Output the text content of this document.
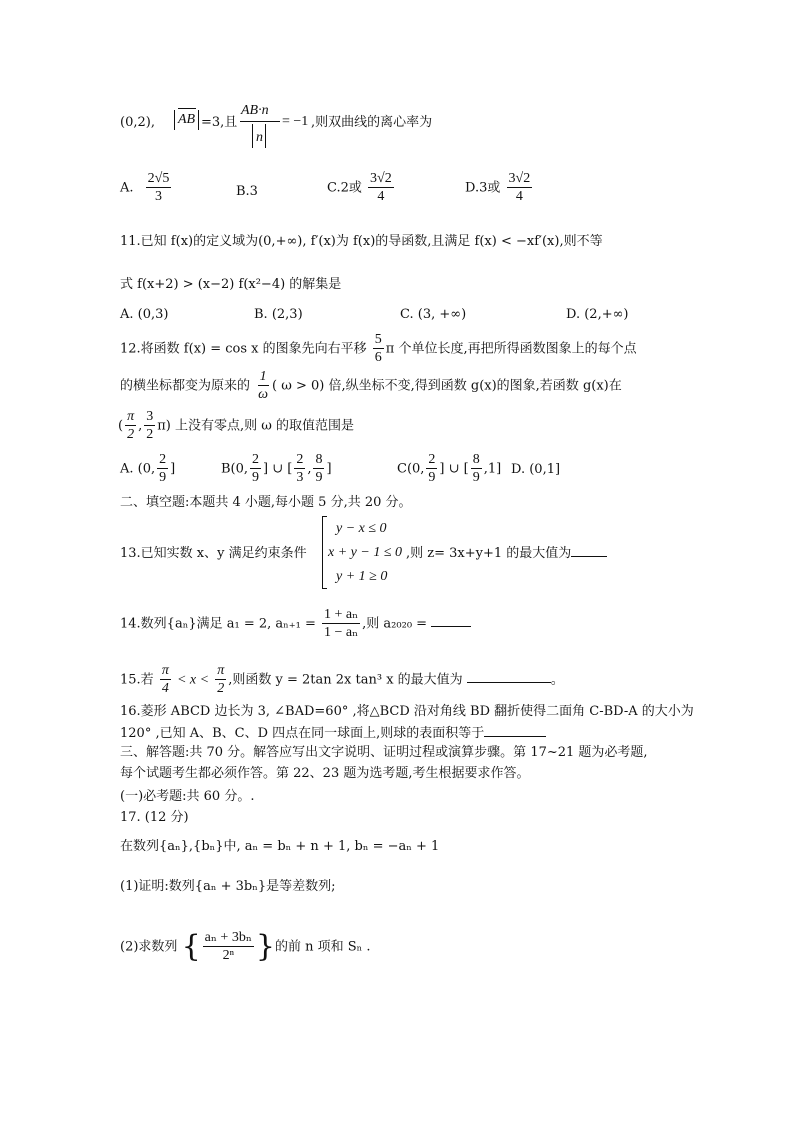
(0,2), AB =3,且
AB·n
n
= −1 ,则双曲线的离心率为
A. $\frac{2√5}{3}$	B.3	C.2或 $\frac{3√2}{4}$	D.3或 $\frac{3√2}{4}$
11.已知 f(x)的定义域为(0,+∞), f′(x)为 f(x)的导函数,且满足 f(x) < −xf′(x),则不等
式 f(x+2) > (x−2) f(x²−4) 的解集是
A. (0,3)	B. (2,3)	C. (3, +∞)	D. (2,+∞)
12.将函数 f(x) = cos x 的图象先向右平移 $\frac{5}{6}$ π 个单位长度,再把所得函数图象上的每个点
的横坐标都变为原来的 $\frac{1}{\omega}$ ( ω > 0) 倍,纵坐标不变,得到函数 g(x)的图象,若函数 g(x)在
( $\frac{\pi}{2}$ , $\frac{3}{2} \pi$) 上没有零点,则 ω 的取值范围是
A. (0, $\frac{2}{9}$ ]	B(0, $\frac{2}{9}$ ] ∪ [ $\frac{2}{3}$ , $\frac{8}{9}$ ]	C(0, $\frac{2}{9}$ ] ∪ [ $\frac{8}{9} ,1$] D. (0,1]
二、填空题:本题共 4 小题,每小题 5 分,共 20 分。
13.已知实数 x、y 满足约束条件
y − x ≤ 0
x + y − 1 ≤ 0
y + 1 ≥ 0
,则 z= 3x+y+1 的最大值为
14.数列{aₙ}满足 a₁ = 2, $a_{n+1} = \frac{\text{1 + aₙ}}{\text{1 − aₙ}}$ ,则 a₂₀₂₀ =
15.若 $\frac{\pi}{4} < x < \frac{\pi}{2}$ ,则函数 y = 2tan 2x tan³ x 的最大值为	。
16.菱形 ABCD 边长为 3, ∠BAD=60° ,将△BCD 沿对角线 BD 翻折使得二面角 C-BD-A 的大小为
120° ,已知 A、B、C、D 四点在同一球面上,则球的表面积等于
三、解答题:共 70 分。解答应写出文字说明、证明过程或演算步骤。第 17~21 题为必考题,
每个试题考生都必须作答。第 22、23 题为选考题,考生根据要求作答。
(一)必考题:共 60 分。.
17. (12 分)
在数列{aₙ},{bₙ}中, aₙ = bₙ + n + 1, bₙ = −aₙ + 1
(1)证明:数列{aₙ + 3bₙ}是等差数列;
(2)求数列 { $\frac{\text{aₙ + 3bₙ}}{\text{2ⁿ}}$ }的前 n 项和 Sₙ .
